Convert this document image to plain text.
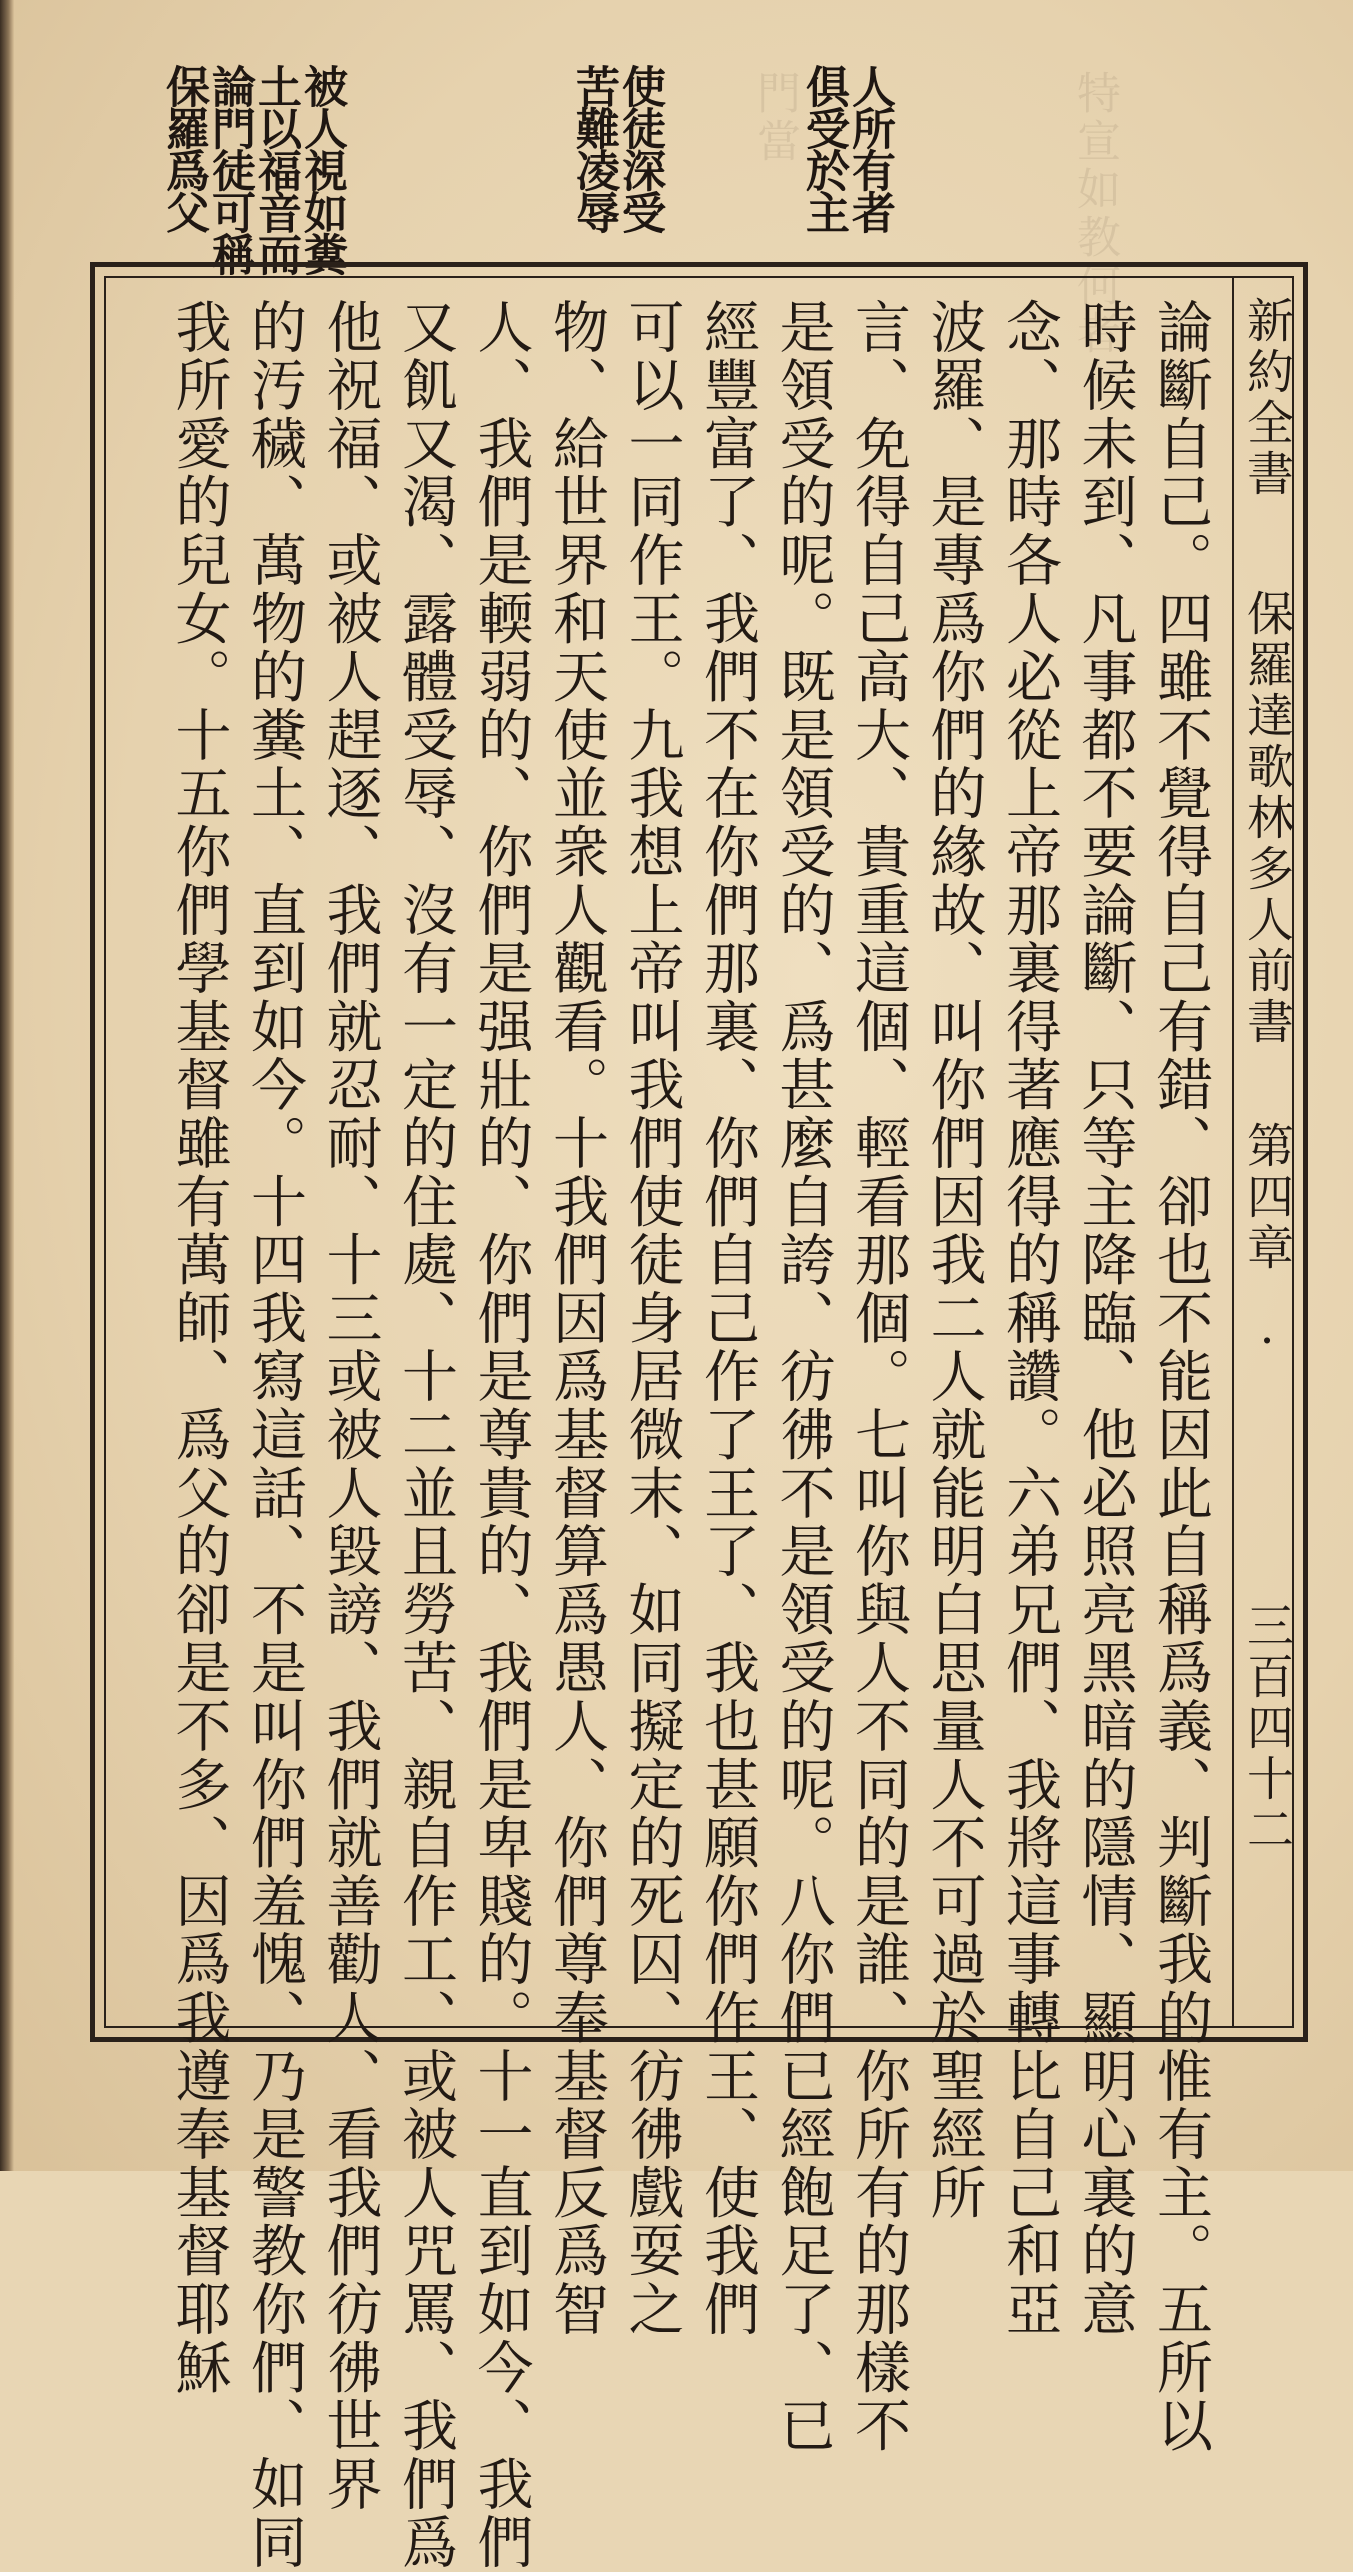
特宣如教何者
門當	人所有者俱受於主
使徒深受苦難凌辱
被人視如糞土以福音而論門徒可稱保羅爲父
新約全書 保羅達歌林多人前書 第四章 ·
三百四十二
論斷自己。四雖不覺得自己有錯、卻也不能因此自稱爲義、判斷我的惟有主。五所以
時候未到、凡事都不要論斷、只等主降臨、他必照亮黑暗的隱情、顯明心裏的意
念、那時各人必從上帝那裏得著應得的稱讚。六弟兄們、我將這事轉比自己和亞
波羅、是專爲你們的緣故、叫你們因我二人就能明白思量人不可過於聖經所
言、免得自己高大、貴重這個、輕看那個。七叫你與人不同的是誰、你所有的那樣不
是領受的呢。既是領受的、爲甚麼自誇、彷彿不是領受的呢。八你們已經飽足了、已
經豐富了、我們不在你們那裏、你們自己作了王了、我也甚願你們作王、使我們
可以一同作王。九我想上帝叫我們使徒身居微末、如同擬定的死囚、彷彿戲耍之
物、給世界和天使並衆人觀看。十我們因爲基督算爲愚人、你們尊奉基督反爲智
人、我們是輭弱的、你們是强壯的、你們是尊貴的、我們是卑賤的。十一直到如今、我們
又飢又渴、露體受辱、沒有一定的住處、十二並且勞苦、親自作工、或被人咒罵、我們爲
他祝福、或被人趕逐、我們就忍耐、十三或被人毀謗、我們就善勸人、看我們彷彿世界
的汚穢、萬物的糞土、直到如今。十四我寫這話、不是叫你們羞愧、乃是警教你們、如同
我所愛的兒女。十五你們學基督雖有萬師、爲父的卻是不多、因爲我遵奉基督耶穌
